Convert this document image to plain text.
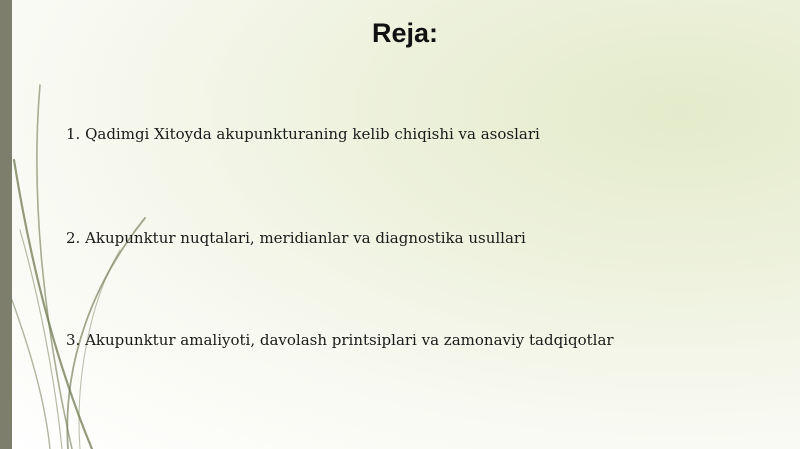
Reja:
1. Qadimgi Xitoyda akupunkturaning kelib chiqishi va asoslari
2. Akupunktur nuqtalari, meridianlar va diagnostika usullari
3. Akupunktur amaliyoti, davolash printsiplari va zamonaviy tadqiqotlar
